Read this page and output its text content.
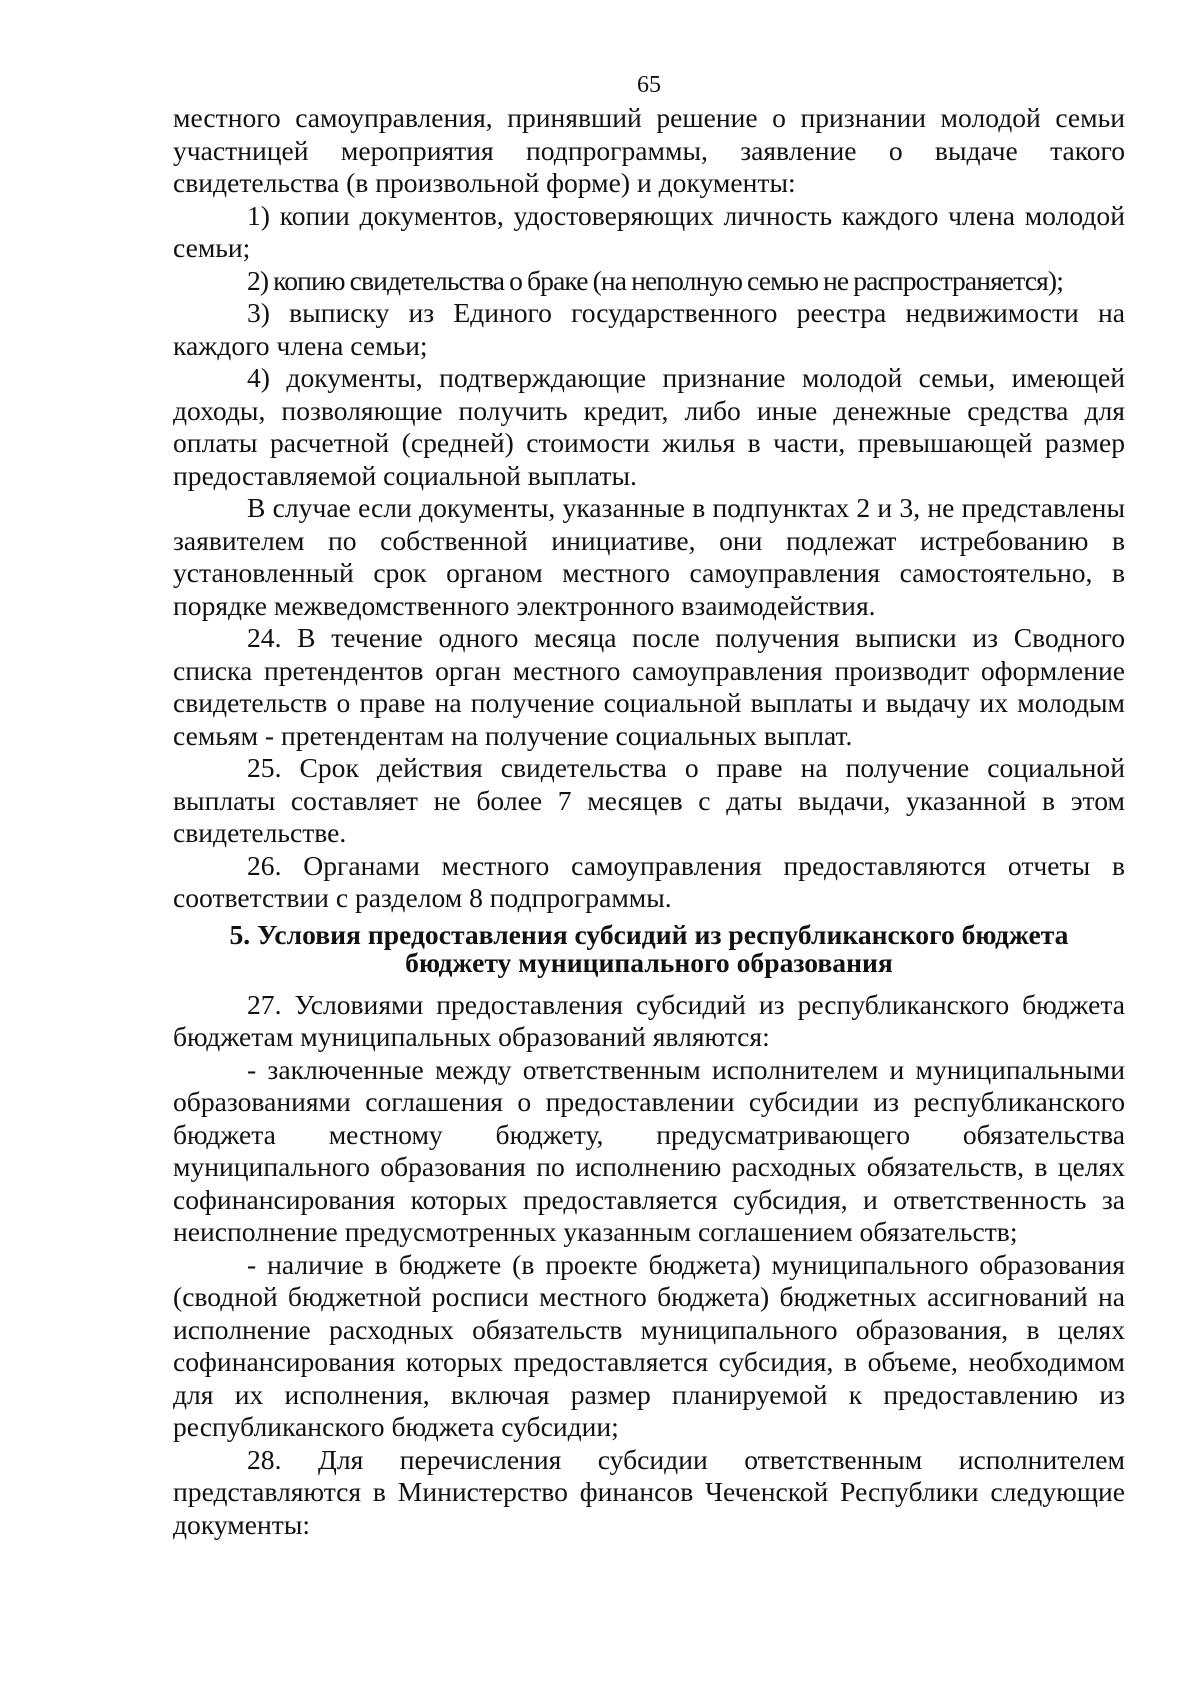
65

местного самоуправления, принявший решение о признании молодой семьи участницей мероприятия подпрограммы, заявление о выдаче такого свидетельства (в произвольной форме) и документы:

1) копии документов, удостоверяющих личность каждого члена молодой семьи;

2) копию свидетельства о браке (на неполную семью не распространяется);

3) выписку из Единого государственного реестра недвижимости на каждого члена семьи;

4) документы, подтверждающие признание молодой семьи, имеющей доходы, позволяющие получить кредит, либо иные денежные средства для оплаты расчетной (средней) стоимости жилья в части, превышающей размер предоставляемой социальной выплаты.

В случае если документы, указанные в подпунктах 2 и 3, не представлены заявителем по собственной инициативе, они подлежат истребованию в установленный срок органом местного самоуправления самостоятельно, в порядке межведомственного электронного взаимодействия.

24. В течение одного месяца после получения выписки из Сводного списка претендентов орган местного самоуправления производит оформление свидетельств о праве на получение социальной выплаты и выдачу их молодым семьям - претендентам на получение социальных выплат.

25. Срок действия свидетельства о праве на получение социальной выплаты составляет не более 7 месяцев с даты выдачи, указанной в этом свидетельстве.

26. Органами местного самоуправления предоставляются отчеты в соответствии с разделом 8 подпрограммы.

5. Условия предоставления субсидий из республиканского бюджета
бюджету муниципального образования

27. Условиями предоставления субсидий из республиканского бюджета бюджетам муниципальных образований являются:

- заключенные между ответственным исполнителем и муниципальными образованиями соглашения о предоставлении субсидии из республиканского бюджета местному бюджету, предусматривающего обязательства муниципального образования по исполнению расходных обязательств, в целях софинансирования которых предоставляется субсидия, и ответственность за неисполнение предусмотренных указанным соглашением обязательств;

- наличие в бюджете (в проекте бюджета) муниципального образования (сводной бюджетной росписи местного бюджета) бюджетных ассигнований на исполнение расходных обязательств муниципального образования, в целях софинансирования которых предоставляется субсидия, в объеме, необходимом для их исполнения, включая размер планируемой к предоставлению из республиканского бюджета субсидии;

28. Для перечисления субсидии ответственным исполнителем представляются в Министерство финансов Чеченской Республики следующие документы:
